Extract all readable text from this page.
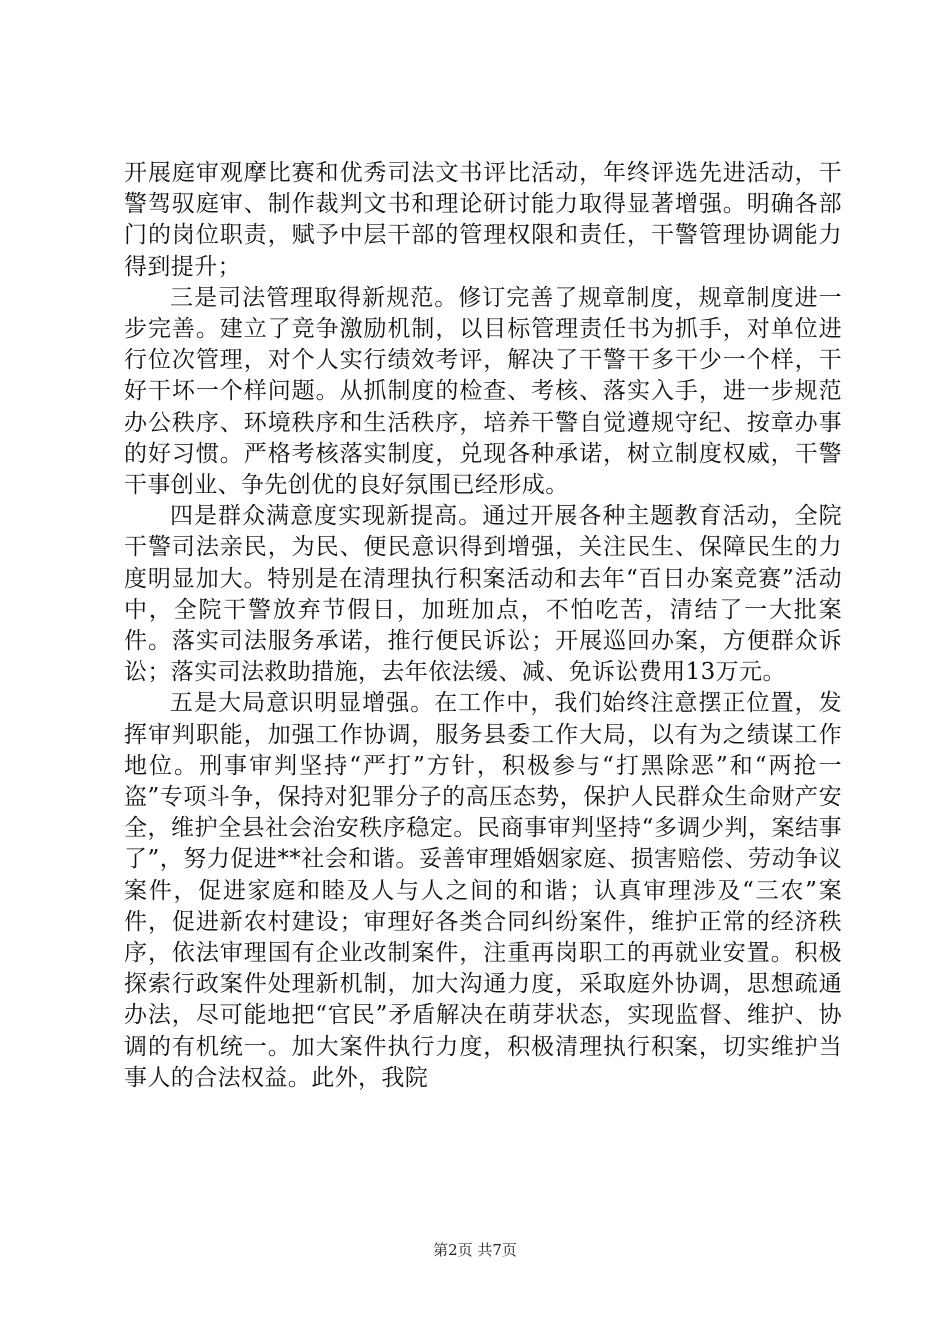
开展庭审观摩比赛和优秀司法文书评比活动，年终评选先进活动，干警驾驭庭审、制作裁判文书和理论研讨能力取得显著增强。明确各部门的岗位职责，赋予中层干部的管理权限和责任，干警管理协调能力得到提升；

三是司法管理取得新规范。修订完善了规章制度，规章制度进一步完善。建立了竞争激励机制，以目标管理责任书为抓手，对单位进行位次管理，对个人实行绩效考评，解决了干警干多干少一个样，干好干坏一个样问题。从抓制度的检查、考核、落实入手，进一步规范办公秩序、环境秩序和生活秩序，培养干警自觉遵规守纪、按章办事的好习惯。严格考核落实制度，兑现各种承诺，树立制度权威，干警干事创业、争先创优的良好氛围已经形成。

四是群众满意度实现新提高。通过开展各种主题教育活动，全院干警司法亲民，为民、便民意识得到增强，关注民生、保障民生的力度明显加大。特别是在清理执行积案活动和去年“百日办案竞赛”活动中，全院干警放弃节假日，加班加点，不怕吃苦，清结了一大批案件。落实司法服务承诺，推行便民诉讼；开展巡回办案，方便群众诉讼；落实司法救助措施，去年依法缓、减、免诉讼费用13万元。

五是大局意识明显增强。在工作中，我们始终注意摆正位置，发挥审判职能，加强工作协调，服务县委工作大局，以有为之绩谋工作地位。刑事审判坚持“严打”方针，积极参与“打黑除恶”和“两抢一盗”专项斗争，保持对犯罪分子的高压态势，保护人民群众生命财产安全，维护全县社会治安秩序稳定。民商事审判坚持“多调少判，案结事了”，努力促进**社会和谐。妥善审理婚姻家庭、损害赔偿、劳动争议案件，促进家庭和睦及人与人之间的和谐；认真审理涉及“三农”案件，促进新农村建设；审理好各类合同纠纷案件，维护正常的经济秩序，依法审理国有企业改制案件，注重再岗职工的再就业安置。积极探索行政案件处理新机制，加大沟通力度，采取庭外协调，思想疏通办法，尽可能地把“官民”矛盾解决在萌芽状态，实现监督、维护、协调的有机统一。加大案件执行力度，积极清理执行积案，切实维护当事人的合法权益。此外，我院

第2页 共7页
